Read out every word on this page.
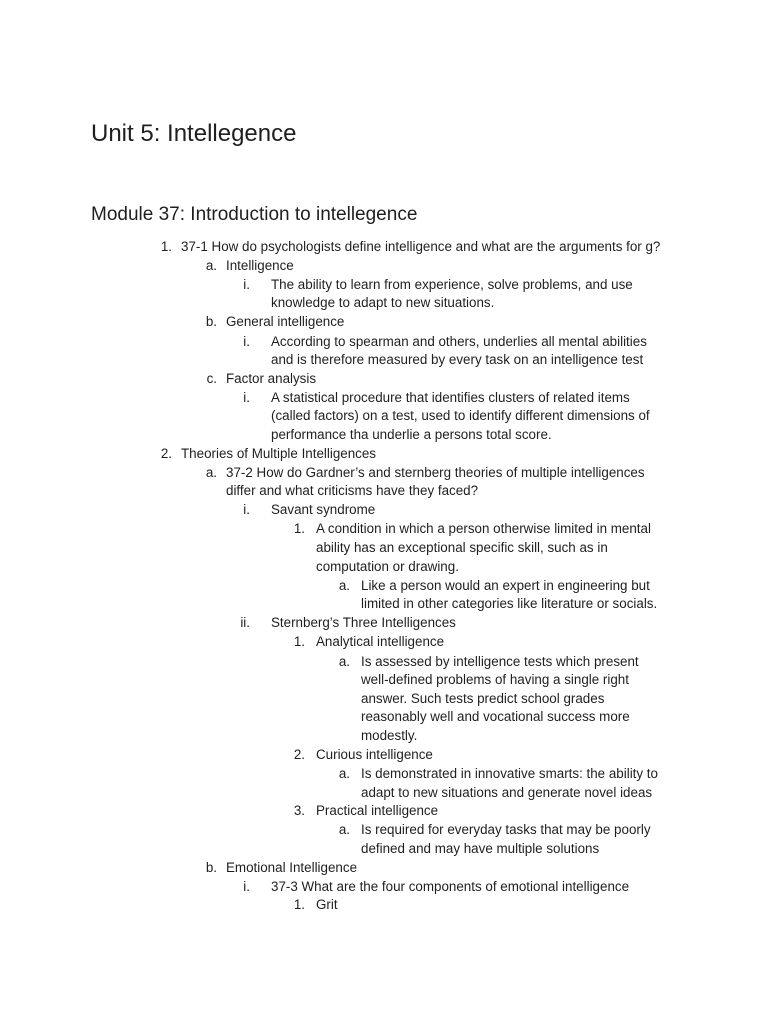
Unit 5: Intellegence
Module 37: Introduction to intellegence
1. 37-1 How do psychologists define intelligence and what are the arguments for g?
a. Intelligence
i. The ability to learn from experience, solve problems, and use
knowledge to adapt to new situations.
b. General intelligence
i. According to spearman and others, underlies all mental abilities
and is therefore measured by every task on an intelligence test
c. Factor analysis
i. A statistical procedure that identifies clusters of related items
(called factors) on a test, used to identify different dimensions of
performance tha underlie a persons total score.
2. Theories of Multiple Intelligences
a. 37-2 How do Gardner’s and sternberg theories of multiple intelligences
differ and what criticisms have they faced?
i. Savant syndrome
1. A condition in which a person otherwise limited in mental
ability has an exceptional specific skill, such as in
computation or drawing.
a. Like a person would an expert in engineering but
limited in other categories like literature or socials.
ii. Sternberg’s Three Intelligences
1. Analytical intelligence
a. Is assessed by intelligence tests which present
well-defined problems of having a single right
answer. Such tests predict school grades
reasonably well and vocational success more
modestly.
2. Curious intelligence
a. Is demonstrated in innovative smarts: the ability to
adapt to new situations and generate novel ideas
3. Practical intelligence
a. Is required for everyday tasks that may be poorly
defined and may have multiple solutions
b. Emotional Intelligence
i. 37-3 What are the four components of emotional intelligence
1. Grit
